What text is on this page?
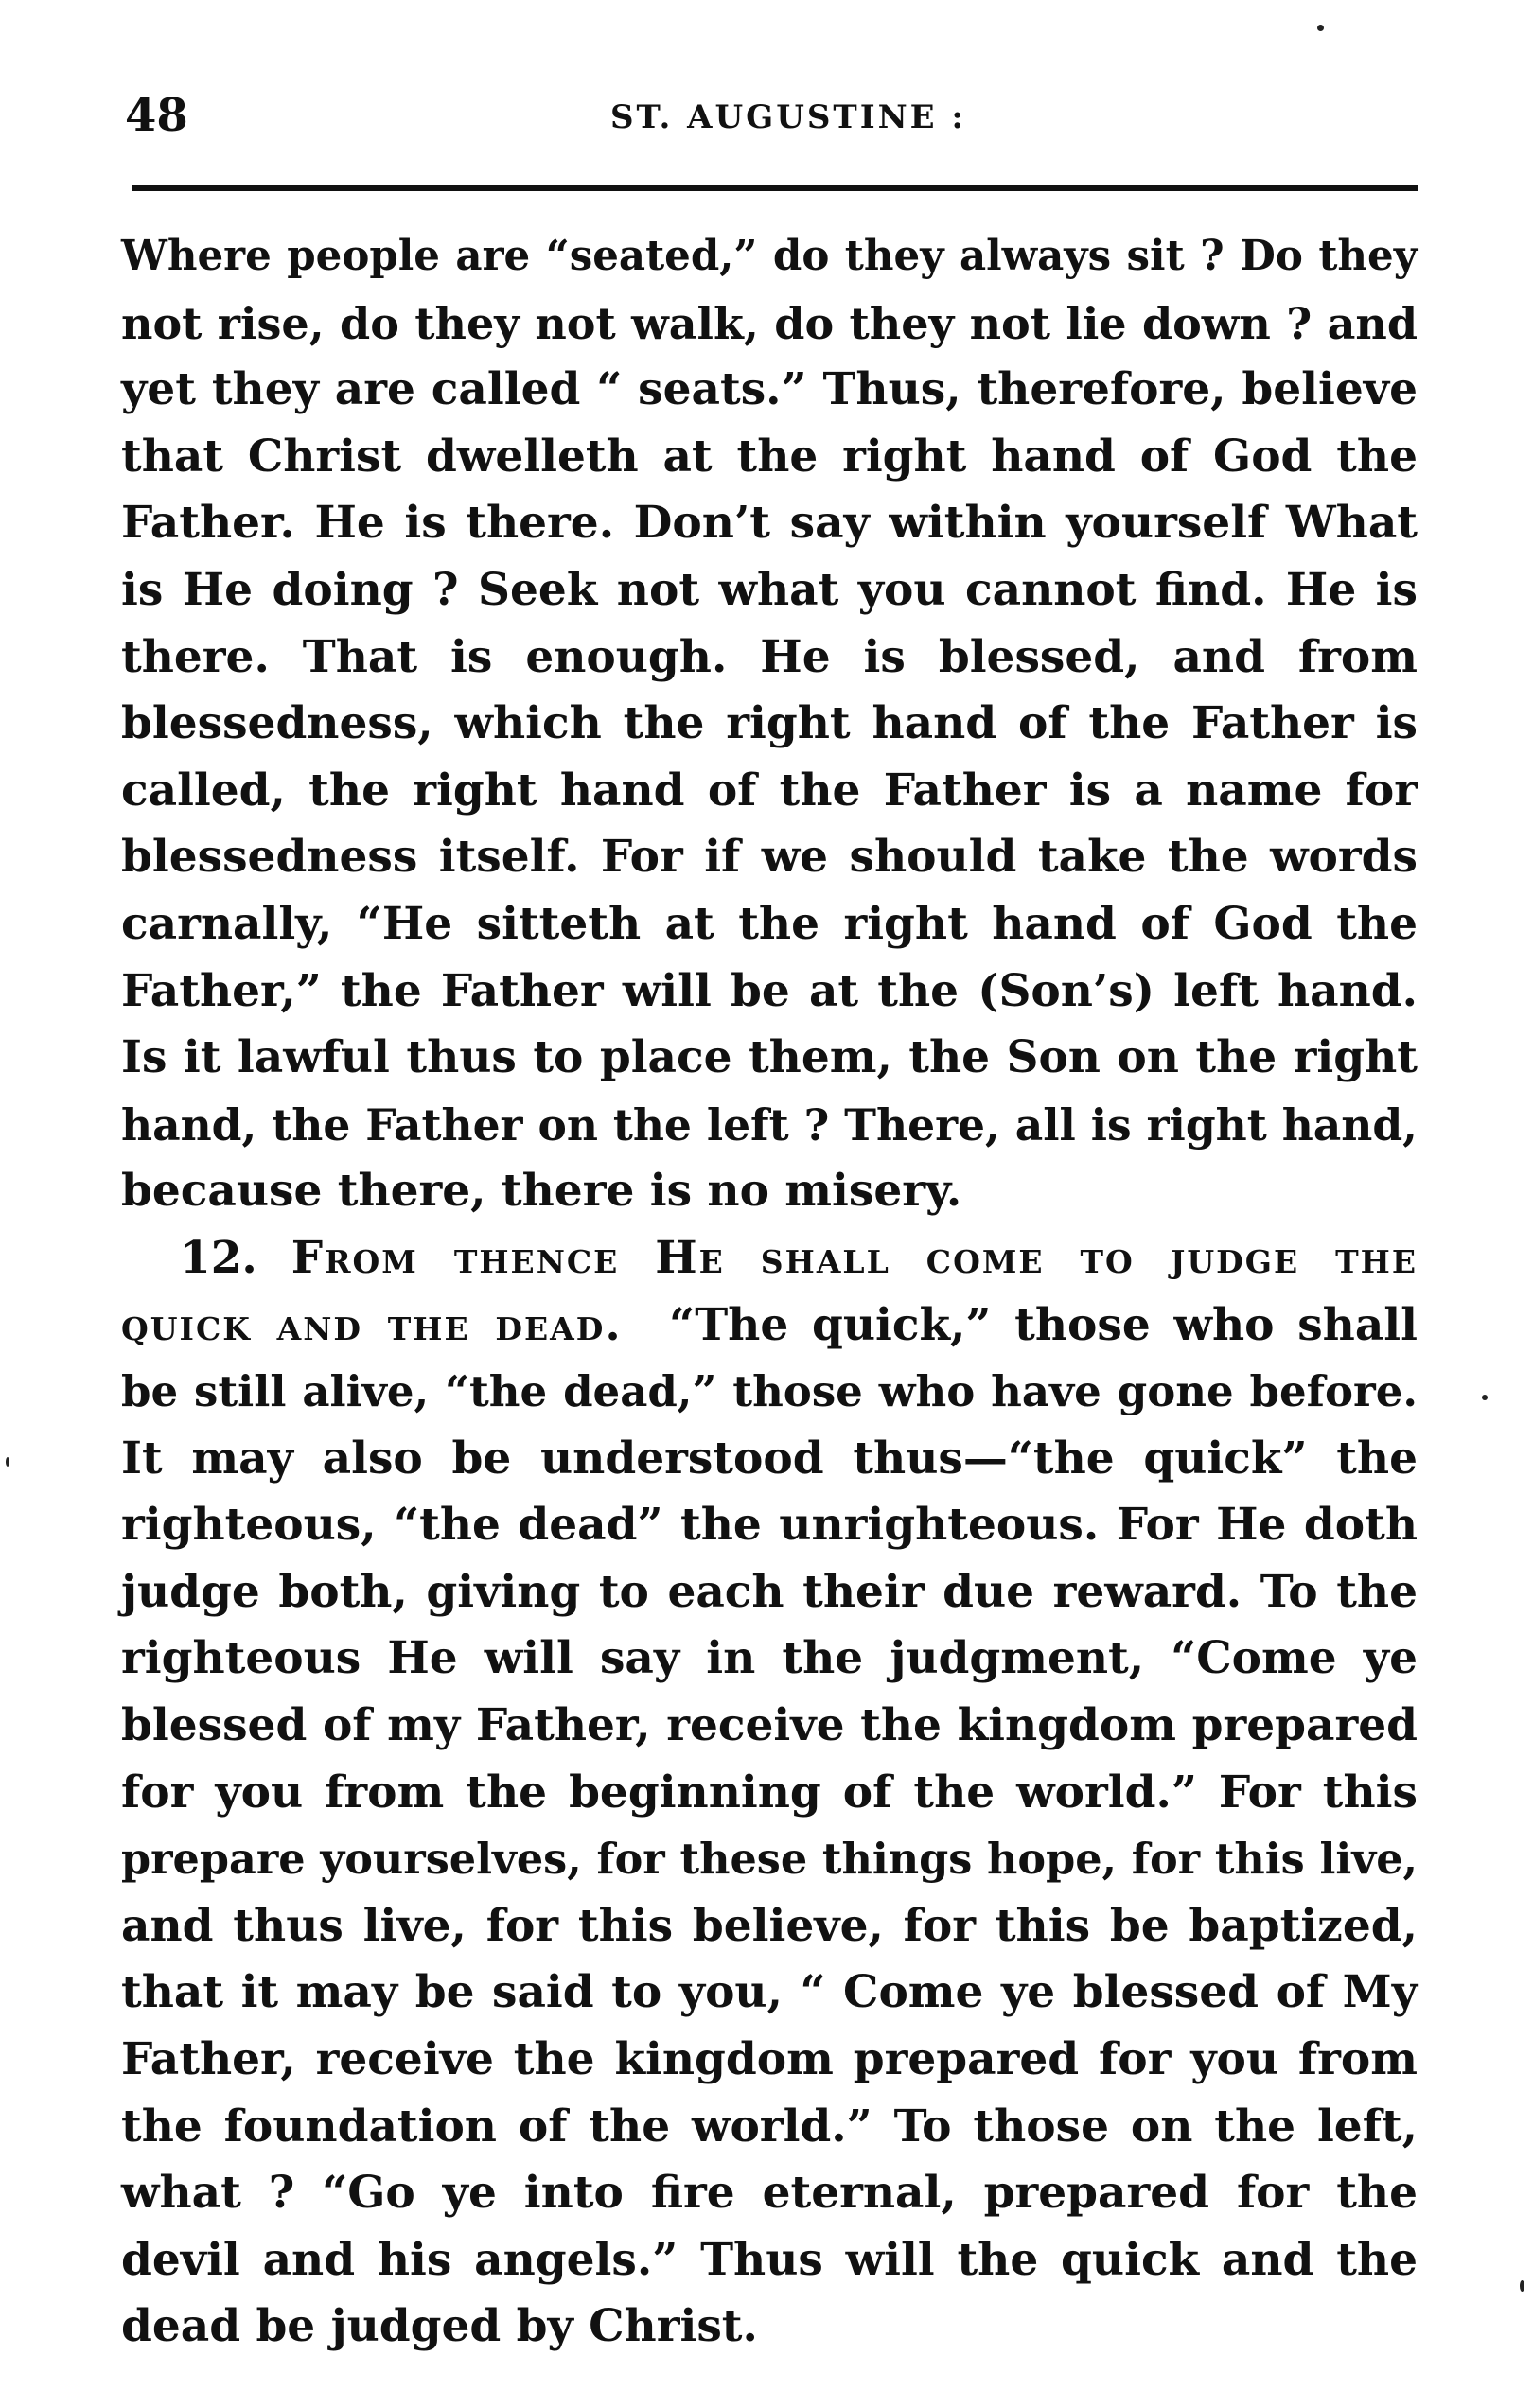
48	ST. AUGUSTINE :

Where people are “seated,” do they always sit ? Do they
not rise, do they not walk, do they not lie down ? and
yet they are called “ seats.” Thus, therefore, believe
that Christ dwelleth at the right hand of God the
Father. He is there. Don’t say within yourself What
is He doing ? Seek not what you cannot find. He is
there. That is enough. He is blessed, and from
blessedness, which the right hand of the Father is
called, the right hand of the Father is a name for
blessedness itself. For if we should take the words
carnally, “He sitteth at the right hand of God the
Father,” the Father will be at the (Son’s) left hand.
Is it lawful thus to place them, the Son on the right
hand, the Father on the left ? There, all is right hand,
because there, there is no misery.

12. From thence He shall come to judge the
quick and the dead. “The quick,” those who shall
be still alive, “the dead,” those who have gone before.
It may also be understood thus—“the quick” the
righteous, “the dead” the unrighteous. For He doth
judge both, giving to each their due reward. To the
righteous He will say in the judgment, “Come ye
blessed of my Father, receive the kingdom prepared
for you from the beginning of the world.” For this
prepare yourselves, for these things hope, for this live,
and thus live, for this believe, for this be baptized,
that it may be said to you, “ Come ye blessed of My
Father, receive the kingdom prepared for you from
the foundation of the world.” To those on the left,
what ? “Go ye into fire eternal, prepared for the
devil and his angels.” Thus will the quick and the
dead be judged by Christ.
